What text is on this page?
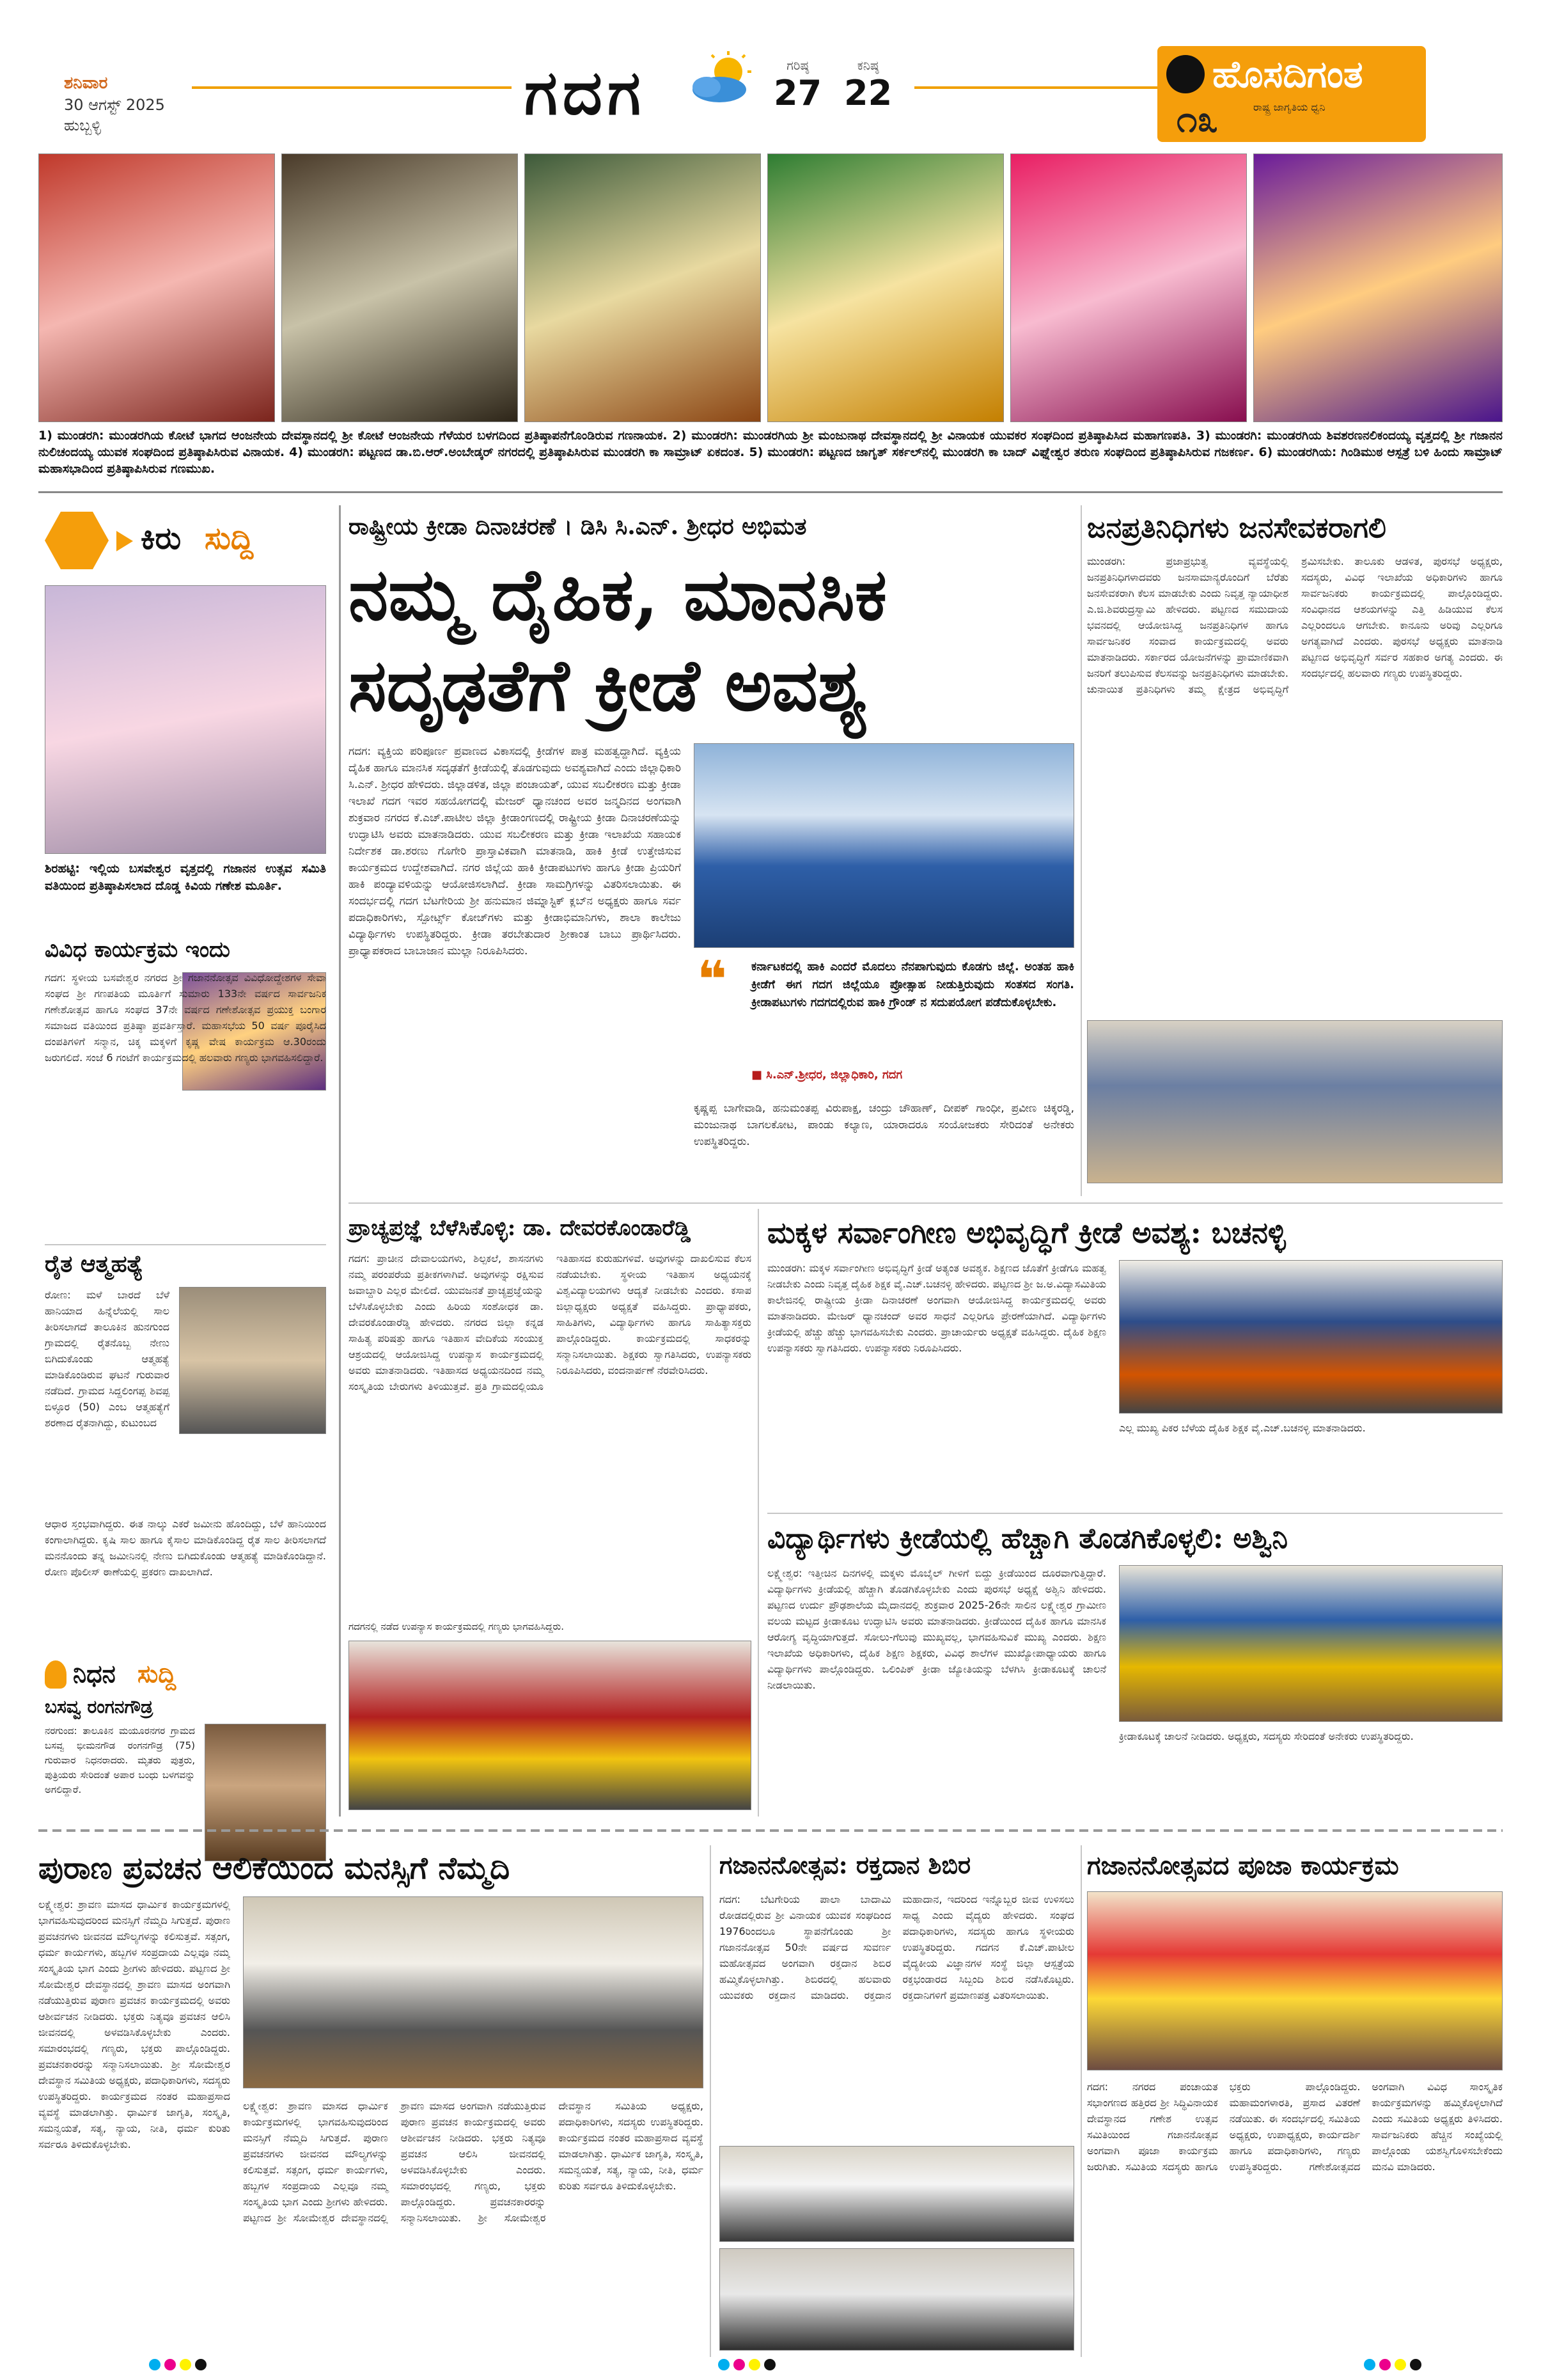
ಶನಿವಾರ
30 ಆಗಸ್ಟ್ 2025
ಹುಬ್ಬಳ್ಳಿ	ಗದಗ	ಗರಿಷ್ಠ
27
ಕನಿಷ್ಠ
22	ಹೊಸದಿಗಂತ
ರಾಷ್ಟ್ರ ಜಾಗೃತಿಯ ಧ್ವನಿ
೧೩
1) ಮುಂಡರಗಿ: ಮುಂಡರಗಿಯ ಕೋಟೆ ಭಾಗದ ಆಂಜನೇಯ ದೇವಸ್ಥಾನದಲ್ಲಿ ಶ್ರೀ ಕೋಟೆ ಆಂಜನೇಯ ಗೆಳೆಯರ ಬಳಗದಿಂದ ಪ್ರತಿಷ್ಠಾಪನೆಗೊಂಡಿರುವ ಗಣನಾಯಕ. 2) ಮುಂಡರಗಿ: ಮುಂಡರಗಿಯ ಶ್ರೀ ಮಂಜುನಾಥ ದೇವಸ್ಥಾನದಲ್ಲಿ ಶ್ರೀ ವಿನಾಯಕ ಯುವಕರ ಸಂಘದಿಂದ ಪ್ರತಿಷ್ಠಾಪಿಸಿದ ಮಹಾಗಣಪತಿ. 3) ಮುಂಡರಗಿ: ಮುಂಡರಗಿಯ ಶಿವಶರಣನಲಿಕಂದಯ್ಯ ವೃತ್ತದಲ್ಲಿ ಶ್ರೀ ಗಜಾನನ ನುಲಿಚಂದಯ್ಯ ಯುವಕ ಸಂಘದಿಂದ ಪ್ರತಿಷ್ಠಾಪಿಸಿರುವ ವಿನಾಯಕ. 4) ಮುಂಡರಗಿ: ಪಟ್ಟಣದ ಡಾ.ಬಿ.ಆರ್.ಅಂಬೇಡ್ಕರ್ ನಗರದಲ್ಲಿ ಪ್ರತಿಷ್ಠಾಪಿಸಿರುವ ಮುಂಡರಗಿ ಕಾ ಸಾಮ್ರಾಟ್ ಏಕದಂತ. 5) ಮುಂಡರಗಿ: ಪಟ್ಟಣದ ಜಾಗೃತ್ ಸರ್ಕಲ್‌ನಲ್ಲಿ ಮುಂಡರಗಿ ಕಾ ಬಾದ್ ವಿಘ್ನೇಶ್ವರ ತರುಣ ಸಂಘದಿಂದ ಪ್ರತಿಷ್ಠಾಪಿಸಿರುವ ಗಜಕರ್ಣ. 6) ಮುಂಡರಗಿಯ: ಗಿಂಡಿಮುಠ ಆಸ್ಪತ್ರೆ ಬಳಿ ಹಿಂದು ಸಾಮ್ರಾಟ್ ಮಹಾಸಭಾದಿಂದ ಪ್ರತಿಷ್ಠಾಪಿಸಿರುವ ಗಣಮುಖ.
ಕಿರು ಸುದ್ದಿ
ಶಿರಹಟ್ಟಿ: ಇಲ್ಲಿಯ ಬಸವೇಶ್ವರ ವೃತ್ತದಲ್ಲಿ ಗಜಾನನ ಉತ್ಸವ ಸಮಿತಿ ವತಿಯಿಂದ ಪ್ರತಿಷ್ಠಾಪಿಸಲಾದ ದೊಡ್ಡ ಕಿವಿಯ ಗಣೇಶ ಮೂರ್ತಿ.
ವಿವಿಧ ಕಾರ್ಯಕ್ರಮ ಇಂದು
ಗದಗ: ಸ್ಥಳೀಯ ಬಸವೇಶ್ವರ ನಗರದ ಶ್ರೀ ಗಜಾನನೋತ್ಸವ ವಿವಿಧೋದ್ದೇಶಗಳ ಸೇವಾ ಸಂಘದ ಶ್ರೀ ಗಣಪತಿಯ ಮೂರ್ತಿಗೆ ಸುಮಾರು 133ನೇ ವರ್ಷದ ಸಾರ್ವಜನಿಕ ಗಣೇಶೋತ್ಸವ ಹಾಗೂ ಸಂಘದ 37ನೇ ವರ್ಷದ ಗಣೇಶೋತ್ಸವ ಪ್ರಯುಕ್ತ ಬಂಗಾರ ಸಮಾಜದ ವತಿಯಿಂದ ಪ್ರತಿಷ್ಠಾ ಪ್ರವರ್ತಿಸ್ತಾರೆ. ಮಹಾಸಭೆಯ 50 ವರ್ಷ ಪೂರೈಸಿದ ದಂಪತಿಗಳಿಗೆ ಸನ್ಮಾನ, ಚಿಕ್ಕ ಮಕ್ಕಳಿಗೆ ಕೃಷ್ಣ ವೇಷ ಕಾರ್ಯಕ್ರಮ ಆ.30ರಂದು ಜರುಗಲಿದೆ. ಸಂಜೆ 6 ಗಂಟೆಗೆ ಕಾರ್ಯಕ್ರಮದಲ್ಲಿ ಹಲವಾರು ಗಣ್ಯರು ಭಾಗವಹಿಸಲಿದ್ದಾರೆ.
ರೈತ ಆತ್ಮಹತ್ಯೆ
ರೋಣ: ಮಳೆ ಬಾರದೆ ಬೆಳೆ ಹಾನಿಯಾದ ಹಿನ್ನೆಲೆಯಲ್ಲಿ ಸಾಲ ತೀರಿಸಲಾಗದೆ ತಾಲೂಕಿನ ಹುನಗುಂದ ಗ್ರಾಮದಲ್ಲಿ ರೈತನೊಬ್ಬ ನೇಣು ಬಿಗಿದುಕೊಂಡು ಆತ್ಮಹತ್ಯೆ ಮಾಡಿಕೊಂಡಿರುವ ಘಟನೆ ಗುರುವಾರ ನಡೆದಿದೆ. ಗ್ರಾಮದ ಸಿದ್ದಲಿಂಗಪ್ಪ ಶಿವಪ್ಪ ಬಿಳ್ಳೂರ (50) ಎಂಬ ಆತ್ಮಹತ್ಯೆಗೆ ಶರಣಾದ ರೈತನಾಗಿದ್ದು, ಕುಟುಂಬದ
ಆಧಾರ ಸ್ತಂಭವಾಗಿದ್ದರು. ಈತ ನಾಲ್ಕು ಎಕರೆ ಜಮೀನು ಹೊಂದಿದ್ದು, ಬೆಳೆ ಹಾನಿಯಿಂದ ಕಂಗಾಲಾಗಿದ್ದರು. ಕೃಷಿ ಸಾಲ ಹಾಗೂ ಕೈಸಾಲ ಮಾಡಿಕೊಂಡಿದ್ದ ರೈತ ಸಾಲ ತೀರಿಸಲಾಗದೆ ಮನನೊಂದು ತನ್ನ ಜಮೀನಿನಲ್ಲಿ ನೇಣು ಬಿಗಿದುಕೊಂಡು ಆತ್ಮಹತ್ಯೆ ಮಾಡಿಕೊಂಡಿದ್ದಾನೆ. ರೋಣ ಪೊಲೀಸ್ ಠಾಣೆಯಲ್ಲಿ ಪ್ರಕರಣ ದಾಖಲಾಗಿದೆ.
ನಿಧನ ಸುದ್ದಿ
ಬಸವ್ವ ರಂಗನಗೌಡ್ರ
ನರಗುಂದ: ತಾಲೂಕಿನ ಮಯೂರನಗರ ಗ್ರಾಮದ ಬಸವ್ವ ಭೀಮನಗೌಡ ರಂಗನಗೌಡ್ರ (75) ಗುರುವಾರ ನಿಧನರಾದರು. ಮೃತರು ಪುತ್ರರು, ಪುತ್ರಿಯರು ಸೇರಿದಂತೆ ಅಪಾರ ಬಂಧು ಬಳಗವನ್ನು ಅಗಲಿದ್ದಾರೆ.
ರಾಷ್ಟ್ರೀಯ ಕ್ರೀಡಾ ದಿನಾಚರಣೆ । ಡಿಸಿ ಸಿ.ಎನ್. ಶ್ರೀಧರ ಅಭಿಮತ
ನಮ್ಮ ದೈಹಿಕ, ಮಾನಸಿಕ
ಸದೃಢತೆಗೆ ಕ್ರೀಡೆ ಅವಶ್ಯ
ಗದಗ: ವ್ಯಕ್ತಿಯ ಪರಿಪೂರ್ಣ ಪ್ರವಾಣದ ವಿಕಾಸದಲ್ಲಿ ಕ್ರೀಡೆಗಳ ಪಾತ್ರ ಮಹತ್ವದ್ದಾಗಿದೆ. ವ್ಯಕ್ತಿಯ ದೈಹಿಕ ಹಾಗೂ ಮಾನಸಿಕ ಸದೃಢತೆಗೆ ಕ್ರೀಡೆಯಲ್ಲಿ ತೊಡಗುವುದು ಅವಶ್ಯವಾಗಿದೆ ಎಂದು ಜಿಲ್ಲಾಧಿಕಾರಿ ಸಿ.ಎನ್. ಶ್ರೀಧರ ಹೇಳಿದರು. ಜಿಲ್ಲಾಡಳಿತ, ಜಿಲ್ಲಾ ಪಂಚಾಯತ್, ಯುವ ಸಬಲೀಕರಣ ಮತ್ತು ಕ್ರೀಡಾ ಇಲಾಖೆ ಗದಗ ಇವರ ಸಹಯೋಗದಲ್ಲಿ ಮೇಜರ್ ಧ್ಯಾನಚಂದ ಅವರ ಜನ್ಮದಿನದ ಅಂಗವಾಗಿ ಶುಕ್ರವಾರ ನಗರದ ಕೆ.ಎಚ್.ಪಾಟೀಲ ಜಿಲ್ಲಾ ಕ್ರೀಡಾಂಗಣದಲ್ಲಿ ರಾಷ್ಟ್ರೀಯ ಕ್ರೀಡಾ ದಿನಾಚರಣೆಯನ್ನು ಉದ್ಘಾಟಿಸಿ ಅವರು ಮಾತನಾಡಿದರು. ಯುವ ಸಬಲೀಕರಣ ಮತ್ತು ಕ್ರೀಡಾ ಇಲಾಖೆಯ ಸಹಾಯಕ ನಿರ್ದೇಶಕ ಡಾ.ಶರಣು ಗೊಗೇರಿ ಪ್ರಾಸ್ತಾವಿಕವಾಗಿ ಮಾತನಾಡಿ, ಹಾಕಿ ಕ್ರೀಡೆ ಉತ್ತೇಜಿಸುವ ಕಾರ್ಯಕ್ರಮದ ಉದ್ದೇಶವಾಗಿದೆ. ನಗರ ಜಿಲ್ಲೆಯ ಹಾಕಿ ಕ್ರೀಡಾಪಟುಗಳು ಹಾಗೂ ಕ್ರೀಡಾ ಪ್ರಿಯರಿಗೆ ಹಾಕಿ ಪಂದ್ಯಾವಳಿಯನ್ನು ಆಯೋಜಿಸಲಾಗಿದೆ. ಕ್ರೀಡಾ ಸಾಮಗ್ರಿಗಳನ್ನು ವಿತರಿಸಲಾಯಿತು. ಈ ಸಂದರ್ಭದಲ್ಲಿ ಗದಗ ಬೆಟಗೇರಿಯ ಶ್ರೀ ಹನುಮಾನ ಜಿಮ್ನಾಸ್ಟಿಕ್ ಕ್ಲಬ್‌ನ ಅಧ್ಯಕ್ಷರು ಹಾಗೂ ಸರ್ವ ಪದಾಧಿಕಾರಿಗಳು, ಸ್ಪೋರ್ಟ್ಸ್ ಕೋಚ್‌ಗಳು ಮತ್ತು ಕ್ರೀಡಾಭಿಮಾನಿಗಳು, ಶಾಲಾ ಕಾಲೇಜು ವಿದ್ಯಾರ್ಥಿಗಳು ಉಪಸ್ಥಿತರಿದ್ದರು. ಕ್ರೀಡಾ ತರಬೇತುದಾರ ಶ್ರೀಕಾಂತ ಬಾಬು ಪ್ರಾರ್ಥಿಸಿದರು. ಪ್ರಾಧ್ಯಾಪಕರಾದ ಬಾಬಾಜಾನ ಮುಲ್ಲಾ ನಿರೂಪಿಸಿದರು.	❝ ಕರ್ನಾಟಕದಲ್ಲಿ ಹಾಕಿ ಎಂದರೆ ಮೊದಲು ನೆನಪಾಗುವುದು ಕೊಡಗು ಜಿಲ್ಲೆ. ಅಂತಹ ಹಾಕಿ ಕ್ರೀಡೆಗೆ ಈಗ ಗದಗ ಜಿಲ್ಲೆಯೂ ಪ್ರೋತ್ಸಾಹ ನೀಡುತ್ತಿರುವುದು ಸಂತಸದ ಸಂಗತಿ. ಕ್ರೀಡಾಪಟುಗಳು ಗದಗದಲ್ಲಿರುವ ಹಾಕಿ ಗ್ರೌಂಡ್ ನ ಸದುಪಯೋಗ ಪಡೆದುಕೊಳ್ಳಬೇಕು.
■ ಸಿ.ಎನ್.ಶ್ರೀಧರ, ಜಿಲ್ಲಾಧಿಕಾರಿ, ಗದಗ
ಕೃಷ್ಣಪ್ಪ ಬಾಗೇವಾಡಿ, ಹನುಮಂತಪ್ಪ ವಿರುಪಾಕ್ಷ, ಚಂದ್ರು ಚೌಹಾಣ್, ದೀಪಕ್ ಗಾಂಧೀ, ಪ್ರವೀಣ ಚಿಕ್ಕರಡ್ಡಿ, ಮಂಜುನಾಥ ಬಾಗಲಕೋಟ, ಪಾಂಡು ಕಲ್ಯಾಣ, ಯಾರಾದರೂ ಸಂಯೋಜಕರು ಸೇರಿದಂತೆ ಅನೇಕರು ಉಪಸ್ಥಿತರಿದ್ದರು.
ಜನಪ್ರತಿನಿಧಿಗಳು ಜನಸೇವಕರಾಗಲಿ
ಮುಂಡರಗಿ: ಪ್ರಜಾಪ್ರಭುತ್ವ ವ್ಯವಸ್ಥೆಯಲ್ಲಿ ಜನಪ್ರತಿನಿಧಿಗಳಾದವರು ಜನಸಾಮಾನ್ಯರೊಂದಿಗೆ ಬೆರೆತು ಜನಸೇವಕರಾಗಿ ಕೆಲಸ ಮಾಡಬೇಕು ಎಂದು ನಿವೃತ್ತ ನ್ಯಾಯಾಧೀಶ ಎ.ಜಿ.ಶಿವರುದ್ರಸ್ವಾಮಿ ಹೇಳಿದರು. ಪಟ್ಟಣದ ಸಮುದಾಯ ಭವನದಲ್ಲಿ ಆಯೋಜಿಸಿದ್ದ ಜನಪ್ರತಿನಿಧಿಗಳ ಹಾಗೂ ಸಾರ್ವಜನಿಕರ ಸಂವಾದ ಕಾರ್ಯಕ್ರಮದಲ್ಲಿ ಅವರು ಮಾತನಾಡಿದರು. ಸರ್ಕಾರದ ಯೋಜನೆಗಳನ್ನು ಪ್ರಾಮಾಣಿಕವಾಗಿ ಜನರಿಗೆ ತಲುಪಿಸುವ ಕೆಲಸವನ್ನು ಜನಪ್ರತಿನಿಧಿಗಳು ಮಾಡಬೇಕು. ಚುನಾಯಿತ ಪ್ರತಿನಿಧಿಗಳು ತಮ್ಮ ಕ್ಷೇತ್ರದ ಅಭಿವೃದ್ಧಿಗೆ ಶ್ರಮಿಸಬೇಕು. ತಾಲೂಕು ಆಡಳಿತ, ಪುರಸಭೆ ಅಧ್ಯಕ್ಷರು, ಸದಸ್ಯರು, ವಿವಿಧ ಇಲಾಖೆಯ ಅಧಿಕಾರಿಗಳು ಹಾಗೂ ಸಾರ್ವಜನಿಕರು ಕಾರ್ಯಕ್ರಮದಲ್ಲಿ ಪಾಲ್ಗೊಂಡಿದ್ದರು. ಸಂವಿಧಾನದ ಆಶಯಗಳನ್ನು ಎತ್ತಿ ಹಿಡಿಯುವ ಕೆಲಸ ಎಲ್ಲರಿಂದಲೂ ಆಗಬೇಕು. ಕಾನೂನು ಅರಿವು ಎಲ್ಲರಿಗೂ ಅಗತ್ಯವಾಗಿದೆ ಎಂದರು. ಪುರಸಭೆ ಅಧ್ಯಕ್ಷರು ಮಾತನಾಡಿ ಪಟ್ಟಣದ ಅಭಿವೃದ್ಧಿಗೆ ಸರ್ವರ ಸಹಕಾರ ಅಗತ್ಯ ಎಂದರು. ಈ ಸಂದರ್ಭದಲ್ಲಿ ಹಲವಾರು ಗಣ್ಯರು ಉಪಸ್ಥಿತರಿದ್ದರು.
ಪ್ರಾಚ್ಯಪ್ರಜ್ಞೆ ಬೆಳೆಸಿಕೊಳ್ಳಿ: ಡಾ. ದೇವರಕೊಂಡಾರೆಡ್ಡಿ
ಗದಗ: ಪ್ರಾಚೀನ ದೇವಾಲಯಗಳು, ಶಿಲ್ಪಕಲೆ, ಶಾಸನಗಳು ನಮ್ಮ ಪರಂಪರೆಯ ಪ್ರತೀಕಗಳಾಗಿವೆ. ಅವುಗಳನ್ನು ರಕ್ಷಿಸುವ ಜವಾಬ್ದಾರಿ ಎಲ್ಲರ ಮೇಲಿದೆ. ಯುವಜನತೆ ಪ್ರಾಚ್ಯಪ್ರಜ್ಞೆಯನ್ನು ಬೆಳೆಸಿಕೊಳ್ಳಬೇಕು ಎಂದು ಹಿರಿಯ ಸಂಶೋಧಕ ಡಾ. ದೇವರಕೊಂಡಾರೆಡ್ಡಿ ಹೇಳಿದರು. ನಗರದ ಜಿಲ್ಲಾ ಕನ್ನಡ ಸಾಹಿತ್ಯ ಪರಿಷತ್ತು ಹಾಗೂ ಇತಿಹಾಸ ವೇದಿಕೆಯ ಸಂಯುಕ್ತ ಆಶ್ರಯದಲ್ಲಿ ಆಯೋಜಿಸಿದ್ದ ಉಪನ್ಯಾಸ ಕಾರ್ಯಕ್ರಮದಲ್ಲಿ ಅವರು ಮಾತನಾಡಿದರು. ಇತಿಹಾಸದ ಅಧ್ಯಯನದಿಂದ ನಮ್ಮ ಸಂಸ್ಕೃತಿಯ ಬೇರುಗಳು ತಿಳಿಯುತ್ತವೆ. ಪ್ರತಿ ಗ್ರಾಮದಲ್ಲಿಯೂ ಇತಿಹಾಸದ ಕುರುಹುಗಳಿವೆ. ಅವುಗಳನ್ನು ದಾಖಲಿಸುವ ಕೆಲಸ ನಡೆಯಬೇಕು. ಸ್ಥಳೀಯ ಇತಿಹಾಸ ಅಧ್ಯಯನಕ್ಕೆ ವಿಶ್ವವಿದ್ಯಾಲಯಗಳು ಆದ್ಯತೆ ನೀಡಬೇಕು ಎಂದರು. ಕಸಾಪ ಜಿಲ್ಲಾಧ್ಯಕ್ಷರು ಅಧ್ಯಕ್ಷತೆ ವಹಿಸಿದ್ದರು. ಪ್ರಾಧ್ಯಾಪಕರು, ಸಾಹಿತಿಗಳು, ವಿದ್ಯಾರ್ಥಿಗಳು ಹಾಗೂ ಸಾಹಿತ್ಯಾಸಕ್ತರು ಪಾಲ್ಗೊಂಡಿದ್ದರು. ಕಾರ್ಯಕ್ರಮದಲ್ಲಿ ಸಾಧಕರನ್ನು ಸನ್ಮಾನಿಸಲಾಯಿತು. ಶಿಕ್ಷಕರು ಸ್ವಾಗತಿಸಿದರು, ಉಪನ್ಯಾಸಕರು ನಿರೂಪಿಸಿದರು, ವಂದನಾರ್ಪಣೆ ನೆರವೇರಿಸಿದರು.
ಗದಗನಲ್ಲಿ ನಡೆದ ಉಪನ್ಯಾಸ ಕಾರ್ಯಕ್ರಮದಲ್ಲಿ ಗಣ್ಯರು ಭಾಗವಹಿಸಿದ್ದರು.
ಮಕ್ಕಳ ಸರ್ವಾಂಗೀಣ ಅಭಿವೃದ್ಧಿಗೆ ಕ್ರೀಡೆ ಅವಶ್ಯ: ಬಚನಳ್ಳಿ
ಮುಂಡರಗಿ: ಮಕ್ಕಳ ಸರ್ವಾಂಗೀಣ ಅಭಿವೃದ್ಧಿಗೆ ಕ್ರೀಡೆ ಅತ್ಯಂತ ಅವಶ್ಯಕ. ಶಿಕ್ಷಣದ ಜೊತೆಗೆ ಕ್ರೀಡೆಗೂ ಮಹತ್ವ ನೀಡಬೇಕು ಎಂದು ನಿವೃತ್ತ ದೈಹಿಕ ಶಿಕ್ಷಕ ವೈ.ಎಚ್.ಬಚನಳ್ಳಿ ಹೇಳಿದರು. ಪಟ್ಟಣದ ಶ್ರೀ ಜ.ಅ.ವಿದ್ಯಾಸಮಿತಿಯ ಕಾಲೇಜಿನಲ್ಲಿ ರಾಷ್ಟ್ರೀಯ ಕ್ರೀಡಾ ದಿನಾಚರಣೆ ಅಂಗವಾಗಿ ಆಯೋಜಿಸಿದ್ದ ಕಾರ್ಯಕ್ರಮದಲ್ಲಿ ಅವರು ಮಾತನಾಡಿದರು. ಮೇಜರ್ ಧ್ಯಾನಚಂದ್ ಅವರ ಸಾಧನೆ ಎಲ್ಲರಿಗೂ ಪ್ರೇರಣೆಯಾಗಿದೆ. ವಿದ್ಯಾರ್ಥಿಗಳು ಕ್ರೀಡೆಯಲ್ಲಿ ಹೆಚ್ಚು ಹೆಚ್ಚು ಭಾಗವಹಿಸಬೇಕು ಎಂದರು. ಪ್ರಾಚಾರ್ಯರು ಅಧ್ಯಕ್ಷತೆ ವಹಿಸಿದ್ದರು. ದೈಹಿಕ ಶಿಕ್ಷಣ ಉಪನ್ಯಾಸಕರು ಸ್ವಾಗತಿಸಿದರು. ಉಪನ್ಯಾಸಕರು ನಿರೂಪಿಸಿದರು.
ಎಲ್ಲ ಮುಖ್ಯ ಪಿಕರ ಬೆಳೆಯ ದೈಹಿಕ ಶಿಕ್ಷಕ ವೈ.ಎಚ್.ಬಚನಳ್ಳಿ ಮಾತನಾಡಿದರು.
ವಿದ್ಯಾರ್ಥಿಗಳು ಕ್ರೀಡೆಯಲ್ಲಿ ಹೆಚ್ಚಾಗಿ ತೊಡಗಿಕೊಳ್ಳಲಿ: ಅಶ್ವಿನಿ
ಲಕ್ಷ್ಮೇಶ್ವರ: ಇತ್ತೀಚಿನ ದಿನಗಳಲ್ಲಿ ಮಕ್ಕಳು ಮೊಬೈಲ್ ಗೀಳಿಗೆ ಬಿದ್ದು ಕ್ರೀಡೆಯಿಂದ ದೂರವಾಗುತ್ತಿದ್ದಾರೆ. ವಿದ್ಯಾರ್ಥಿಗಳು ಕ್ರೀಡೆಯಲ್ಲಿ ಹೆಚ್ಚಾಗಿ ತೊಡಗಿಕೊಳ್ಳಬೇಕು ಎಂದು ಪುರಸಭೆ ಅಧ್ಯಕ್ಷೆ ಅಶ್ವಿನಿ ಹೇಳಿದರು. ಪಟ್ಟಣದ ಉರ್ದು ಪ್ರೌಢಶಾಲೆಯ ಮೈದಾನದಲ್ಲಿ ಶುಕ್ರವಾರ 2025-26ನೇ ಸಾಲಿನ ಲಕ್ಷ್ಮೇಶ್ವರ ಗ್ರಾಮೀಣ ವಲಯ ಮಟ್ಟದ ಕ್ರೀಡಾಕೂಟ ಉದ್ಘಾಟಿಸಿ ಅವರು ಮಾತನಾಡಿದರು. ಕ್ರೀಡೆಯಿಂದ ದೈಹಿಕ ಹಾಗೂ ಮಾನಸಿಕ ಆರೋಗ್ಯ ವೃದ್ಧಿಯಾಗುತ್ತದೆ. ಸೋಲು-ಗೆಲುವು ಮುಖ್ಯವಲ್ಲ, ಭಾಗವಹಿಸುವಿಕೆ ಮುಖ್ಯ ಎಂದರು. ಶಿಕ್ಷಣ ಇಲಾಖೆಯ ಅಧಿಕಾರಿಗಳು, ದೈಹಿಕ ಶಿಕ್ಷಣ ಶಿಕ್ಷಕರು, ವಿವಿಧ ಶಾಲೆಗಳ ಮುಖ್ಯೋಪಾಧ್ಯಾಯರು ಹಾಗೂ ವಿದ್ಯಾರ್ಥಿಗಳು ಪಾಲ್ಗೊಂಡಿದ್ದರು. ಒಲಿಂಪಿಕ್ ಕ್ರೀಡಾ ಜ್ಯೋತಿಯನ್ನು ಬೆಳಗಿಸಿ ಕ್ರೀಡಾಕೂಟಕ್ಕೆ ಚಾಲನೆ ನೀಡಲಾಯಿತು.
ಕ್ರೀಡಾಕೂಟಕ್ಕೆ ಚಾಲನೆ ನೀಡಿದರು. ಅಧ್ಯಕ್ಷರು, ಸದಸ್ಯರು ಸೇರಿದಂತೆ ಅನೇಕರು ಉಪಸ್ಥಿತರಿದ್ದರು.
ಪುರಾಣ ಪ್ರವಚನ ಆಲಿಕೆಯಿಂದ ಮನಸ್ಸಿಗೆ ನೆಮ್ಮದಿ
ಲಕ್ಷ್ಮೇಶ್ವರ: ಶ್ರಾವಣ ಮಾಸದ ಧಾರ್ಮಿಕ ಕಾರ್ಯಕ್ರಮಗಳಲ್ಲಿ ಭಾಗವಹಿಸುವುದರಿಂದ ಮನಸ್ಸಿಗೆ ನೆಮ್ಮದಿ ಸಿಗುತ್ತದೆ. ಪುರಾಣ ಪ್ರವಚನಗಳು ಜೀವನದ ಮೌಲ್ಯಗಳನ್ನು ಕಲಿಸುತ್ತವೆ. ಸತ್ಸಂಗ, ಧರ್ಮ ಕಾರ್ಯಗಳು, ಹಬ್ಬಗಳ ಸಂಪ್ರದಾಯ ಎಲ್ಲವೂ ನಮ್ಮ ಸಂಸ್ಕೃತಿಯ ಭಾಗ ಎಂದು ಶ್ರೀಗಳು ಹೇಳಿದರು. ಪಟ್ಟಣದ ಶ್ರೀ ಸೋಮೇಶ್ವರ ದೇವಸ್ಥಾನದಲ್ಲಿ ಶ್ರಾವಣ ಮಾಸದ ಅಂಗವಾಗಿ ನಡೆಯುತ್ತಿರುವ ಪುರಾಣ ಪ್ರವಚನ ಕಾರ್ಯಕ್ರಮದಲ್ಲಿ ಅವರು ಆಶೀರ್ವಚನ ನೀಡಿದರು. ಭಕ್ತರು ನಿತ್ಯವೂ ಪ್ರವಚನ ಆಲಿಸಿ ಜೀವನದಲ್ಲಿ ಅಳವಡಿಸಿಕೊಳ್ಳಬೇಕು ಎಂದರು. ಸಮಾರಂಭದಲ್ಲಿ ಗಣ್ಯರು, ಭಕ್ತರು ಪಾಲ್ಗೊಂಡಿದ್ದರು. ಪ್ರವಚನಕಾರರನ್ನು ಸನ್ಮಾನಿಸಲಾಯಿತು. ಶ್ರೀ ಸೋಮೇಶ್ವರ ದೇವಸ್ಥಾನ ಸಮಿತಿಯ ಅಧ್ಯಕ್ಷರು, ಪದಾಧಿಕಾರಿಗಳು, ಸದಸ್ಯರು ಉಪಸ್ಥಿತರಿದ್ದರು. ಕಾರ್ಯಕ್ರಮದ ನಂತರ ಮಹಾಪ್ರಸಾದ ವ್ಯವಸ್ಥೆ ಮಾಡಲಾಗಿತ್ತು. ಧಾರ್ಮಿಕ ಜಾಗೃತಿ, ಸಂಸ್ಕೃತಿ, ಸಮನ್ವಯತೆ, ಸತ್ಯ, ನ್ಯಾಯ, ನೀತಿ, ಧರ್ಮ ಕುರಿತು ಸರ್ವರೂ ತಿಳಿದುಕೊಳ್ಳಬೇಕು.
ಲಕ್ಷ್ಮೇಶ್ವರ: ಶ್ರಾವಣ ಮಾಸದ ಧಾರ್ಮಿಕ ಕಾರ್ಯಕ್ರಮಗಳಲ್ಲಿ ಭಾಗವಹಿಸುವುದರಿಂದ ಮನಸ್ಸಿಗೆ ನೆಮ್ಮದಿ ಸಿಗುತ್ತದೆ. ಪುರಾಣ ಪ್ರವಚನಗಳು ಜೀವನದ ಮೌಲ್ಯಗಳನ್ನು ಕಲಿಸುತ್ತವೆ. ಸತ್ಸಂಗ, ಧರ್ಮ ಕಾರ್ಯಗಳು, ಹಬ್ಬಗಳ ಸಂಪ್ರದಾಯ ಎಲ್ಲವೂ ನಮ್ಮ ಸಂಸ್ಕೃತಿಯ ಭಾಗ ಎಂದು ಶ್ರೀಗಳು ಹೇಳಿದರು. ಪಟ್ಟಣದ ಶ್ರೀ ಸೋಮೇಶ್ವರ ದೇವಸ್ಥಾನದಲ್ಲಿ ಶ್ರಾವಣ ಮಾಸದ ಅಂಗವಾಗಿ ನಡೆಯುತ್ತಿರುವ ಪುರಾಣ ಪ್ರವಚನ ಕಾರ್ಯಕ್ರಮದಲ್ಲಿ ಅವರು ಆಶೀರ್ವಚನ ನೀಡಿದರು. ಭಕ್ತರು ನಿತ್ಯವೂ ಪ್ರವಚನ ಆಲಿಸಿ ಜೀವನದಲ್ಲಿ ಅಳವಡಿಸಿಕೊಳ್ಳಬೇಕು ಎಂದರು. ಸಮಾರಂಭದಲ್ಲಿ ಗಣ್ಯರು, ಭಕ್ತರು ಪಾಲ್ಗೊಂಡಿದ್ದರು. ಪ್ರವಚನಕಾರರನ್ನು ಸನ್ಮಾನಿಸಲಾಯಿತು. ಶ್ರೀ ಸೋಮೇಶ್ವರ ದೇವಸ್ಥಾನ ಸಮಿತಿಯ ಅಧ್ಯಕ್ಷರು, ಪದಾಧಿಕಾರಿಗಳು, ಸದಸ್ಯರು ಉಪಸ್ಥಿತರಿದ್ದರು. ಕಾರ್ಯಕ್ರಮದ ನಂತರ ಮಹಾಪ್ರಸಾದ ವ್ಯವಸ್ಥೆ ಮಾಡಲಾಗಿತ್ತು. ಧಾರ್ಮಿಕ ಜಾಗೃತಿ, ಸಂಸ್ಕೃತಿ, ಸಮನ್ವಯತೆ, ಸತ್ಯ, ನ್ಯಾಯ, ನೀತಿ, ಧರ್ಮ ಕುರಿತು ಸರ್ವರೂ ತಿಳಿದುಕೊಳ್ಳಬೇಕು.
ಗಜಾನನೋತ್ಸವ: ರಕ್ತದಾನ ಶಿಬಿರ
ಗದಗ: ಬೆಟಗೇರಿಯ ಪಾಲಾ ಬಾದಾಮಿ ರೋಡದಲ್ಲಿರುವ ಶ್ರೀ ವಿನಾಯಕ ಯುವಕ ಸಂಘದಿಂದ 1976ರಿಂದಲೂ ಸ್ಥಾಪನೆಗೊಂಡು ಶ್ರೀ ಗಜಾನನೋತ್ಸವ 50ನೇ ವರ್ಷದ ಸುವರ್ಣ ಮಹೋತ್ಸವದ ಅಂಗವಾಗಿ ರಕ್ತದಾನ ಶಿಬಿರ ಹಮ್ಮಿಕೊಳ್ಳಲಾಗಿತ್ತು. ಶಿಬಿರದಲ್ಲಿ ಹಲವಾರು ಯುವಕರು ರಕ್ತದಾನ ಮಾಡಿದರು. ರಕ್ತದಾನ ಮಹಾದಾನ, ಇದರಿಂದ ಇನ್ನೊಬ್ಬರ ಜೀವ ಉಳಿಸಲು ಸಾಧ್ಯ ಎಂದು ವೈದ್ಯರು ಹೇಳಿದರು. ಸಂಘದ ಪದಾಧಿಕಾರಿಗಳು, ಸದಸ್ಯರು ಹಾಗೂ ಸ್ಥಳೀಯರು ಉಪಸ್ಥಿತರಿದ್ದರು. ಗದಗನ ಕೆ.ಎಚ್.ಪಾಟೀಲ ವೈದ್ಯಕೀಯ ವಿಜ್ಞಾನಗಳ ಸಂಸ್ಥೆ ಜಿಲ್ಲಾ ಆಸ್ಪತ್ರೆಯ ರಕ್ತಭಂಡಾರದ ಸಿಬ್ಬಂದಿ ಶಿಬಿರ ನಡೆಸಿಕೊಟ್ಟರು. ರಕ್ತದಾನಿಗಳಿಗೆ ಪ್ರಮಾಣಪತ್ರ ವಿತರಿಸಲಾಯಿತು.
ಗಜಾನನೋತ್ಸವದ ಪೂಜಾ ಕಾರ್ಯಕ್ರಮ
ಗದಗ: ನಗರದ ಪಂಚಾಯತ ಸಭಾಂಗಣದ ಹತ್ತಿರದ ಶ್ರೀ ಸಿದ್ಧಿವಿನಾಯಕ ದೇವಸ್ಥಾನದ ಗಣೇಶ ಉತ್ಸವ ಸಮಿತಿಯಿಂದ ಗಜಾನನೋತ್ಸವ ಅಂಗವಾಗಿ ಪೂಜಾ ಕಾರ್ಯಕ್ರಮ ಜರುಗಿತು. ಸಮಿತಿಯ ಸದಸ್ಯರು ಹಾಗೂ ಭಕ್ತರು ಪಾಲ್ಗೊಂಡಿದ್ದರು. ಮಹಾಮಂಗಳಾರತಿ, ಪ್ರಸಾದ ವಿತರಣೆ ನಡೆಯಿತು. ಈ ಸಂದರ್ಭದಲ್ಲಿ ಸಮಿತಿಯ ಅಧ್ಯಕ್ಷರು, ಉಪಾಧ್ಯಕ್ಷರು, ಕಾರ್ಯದರ್ಶಿ ಹಾಗೂ ಪದಾಧಿಕಾರಿಗಳು, ಗಣ್ಯರು ಉಪಸ್ಥಿತರಿದ್ದರು. ಗಣೇಶೋತ್ಸವದ ಅಂಗವಾಗಿ ವಿವಿಧ ಸಾಂಸ್ಕೃತಿಕ ಕಾರ್ಯಕ್ರಮಗಳನ್ನು ಹಮ್ಮಿಕೊಳ್ಳಲಾಗಿದೆ ಎಂದು ಸಮಿತಿಯ ಅಧ್ಯಕ್ಷರು ತಿಳಿಸಿದರು. ಸಾರ್ವಜನಿಕರು ಹೆಚ್ಚಿನ ಸಂಖ್ಯೆಯಲ್ಲಿ ಪಾಲ್ಗೊಂಡು ಯಶಸ್ವಿಗೊಳಿಸಬೇಕೆಂದು ಮನವಿ ಮಾಡಿದರು.
